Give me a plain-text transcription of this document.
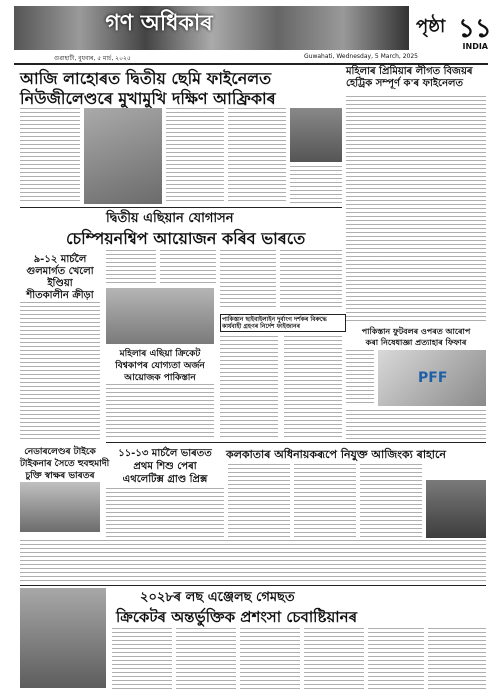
গণ অধিকাৰ	পৃষ্ঠা ১১
INDIA
গুৱাহাটী, বুধবাৰ, ৫ মাৰ্চ, ২০২৫	Guwahati, Wednesday, 5 March, 2025
আজি লাহোৰত দ্বিতীয় ছেমি ফাইনেলত
নিউজীলেণ্ডৰে মুখামুখি দক্ষিণ আফ্ৰিকাৰ
মহিলাৰ প্ৰিমিয়াৰ লীগত বিজয়ৰ হেট্ৰিক সম্পূৰ্ণ ক'ৰ ফাইনেলত
দ্বিতীয় এছিয়ান যোগাসন
চেম্পিয়নশ্বিপ আয়োজন কৰিব ভাৰতে
৯-১২ মাৰ্চলৈ
গুলমাৰ্গত খেলো
ইণ্ডিয়া
শীতকালীন ক্ৰীড়া
মহিলাৰ এছিয়া ক্ৰিকেট
বিশ্বকাপৰ যোগ্যতা অৰ্জন
আয়োজক পাকিস্তান
পাকিস্তান ছাইবাইলাইন দুৰ্বাংগ দৰ্শকৰ বিৰুদ্ধে কাৰ্যবাহী গ্ৰহণৰ নিৰ্দেশ ফাইজানৰ
পাকিস্তান ফুটবলৰ ওপৰত আৰোপ
কৰা নিষেধাজ্ঞা প্ৰত্যাহাৰ ফিফাৰ
PFF
কলকাতাৰ অধিনায়কৰূপে নিযুক্ত আজিংক্য ৰাহানে
নেডাৰলেণ্ডৰ টাইকে
টাইকনাৰ সৈতে হুবহুমাদী
চুক্তি স্বাক্ষৰ ভাৰতৰ
১১-১৩ মাৰ্চলৈ ভাৰতত
প্ৰথম শিশু পেৰা
এথলেটিক্স গ্ৰাণ্ড প্ৰিক্স
২০২৮ৰ লছ এঞ্জেলছ গেমছত
ক্ৰিকেটৰ অন্তৰ্ভুক্তিক প্ৰশংসা চেবাষ্টিয়ানৰ
